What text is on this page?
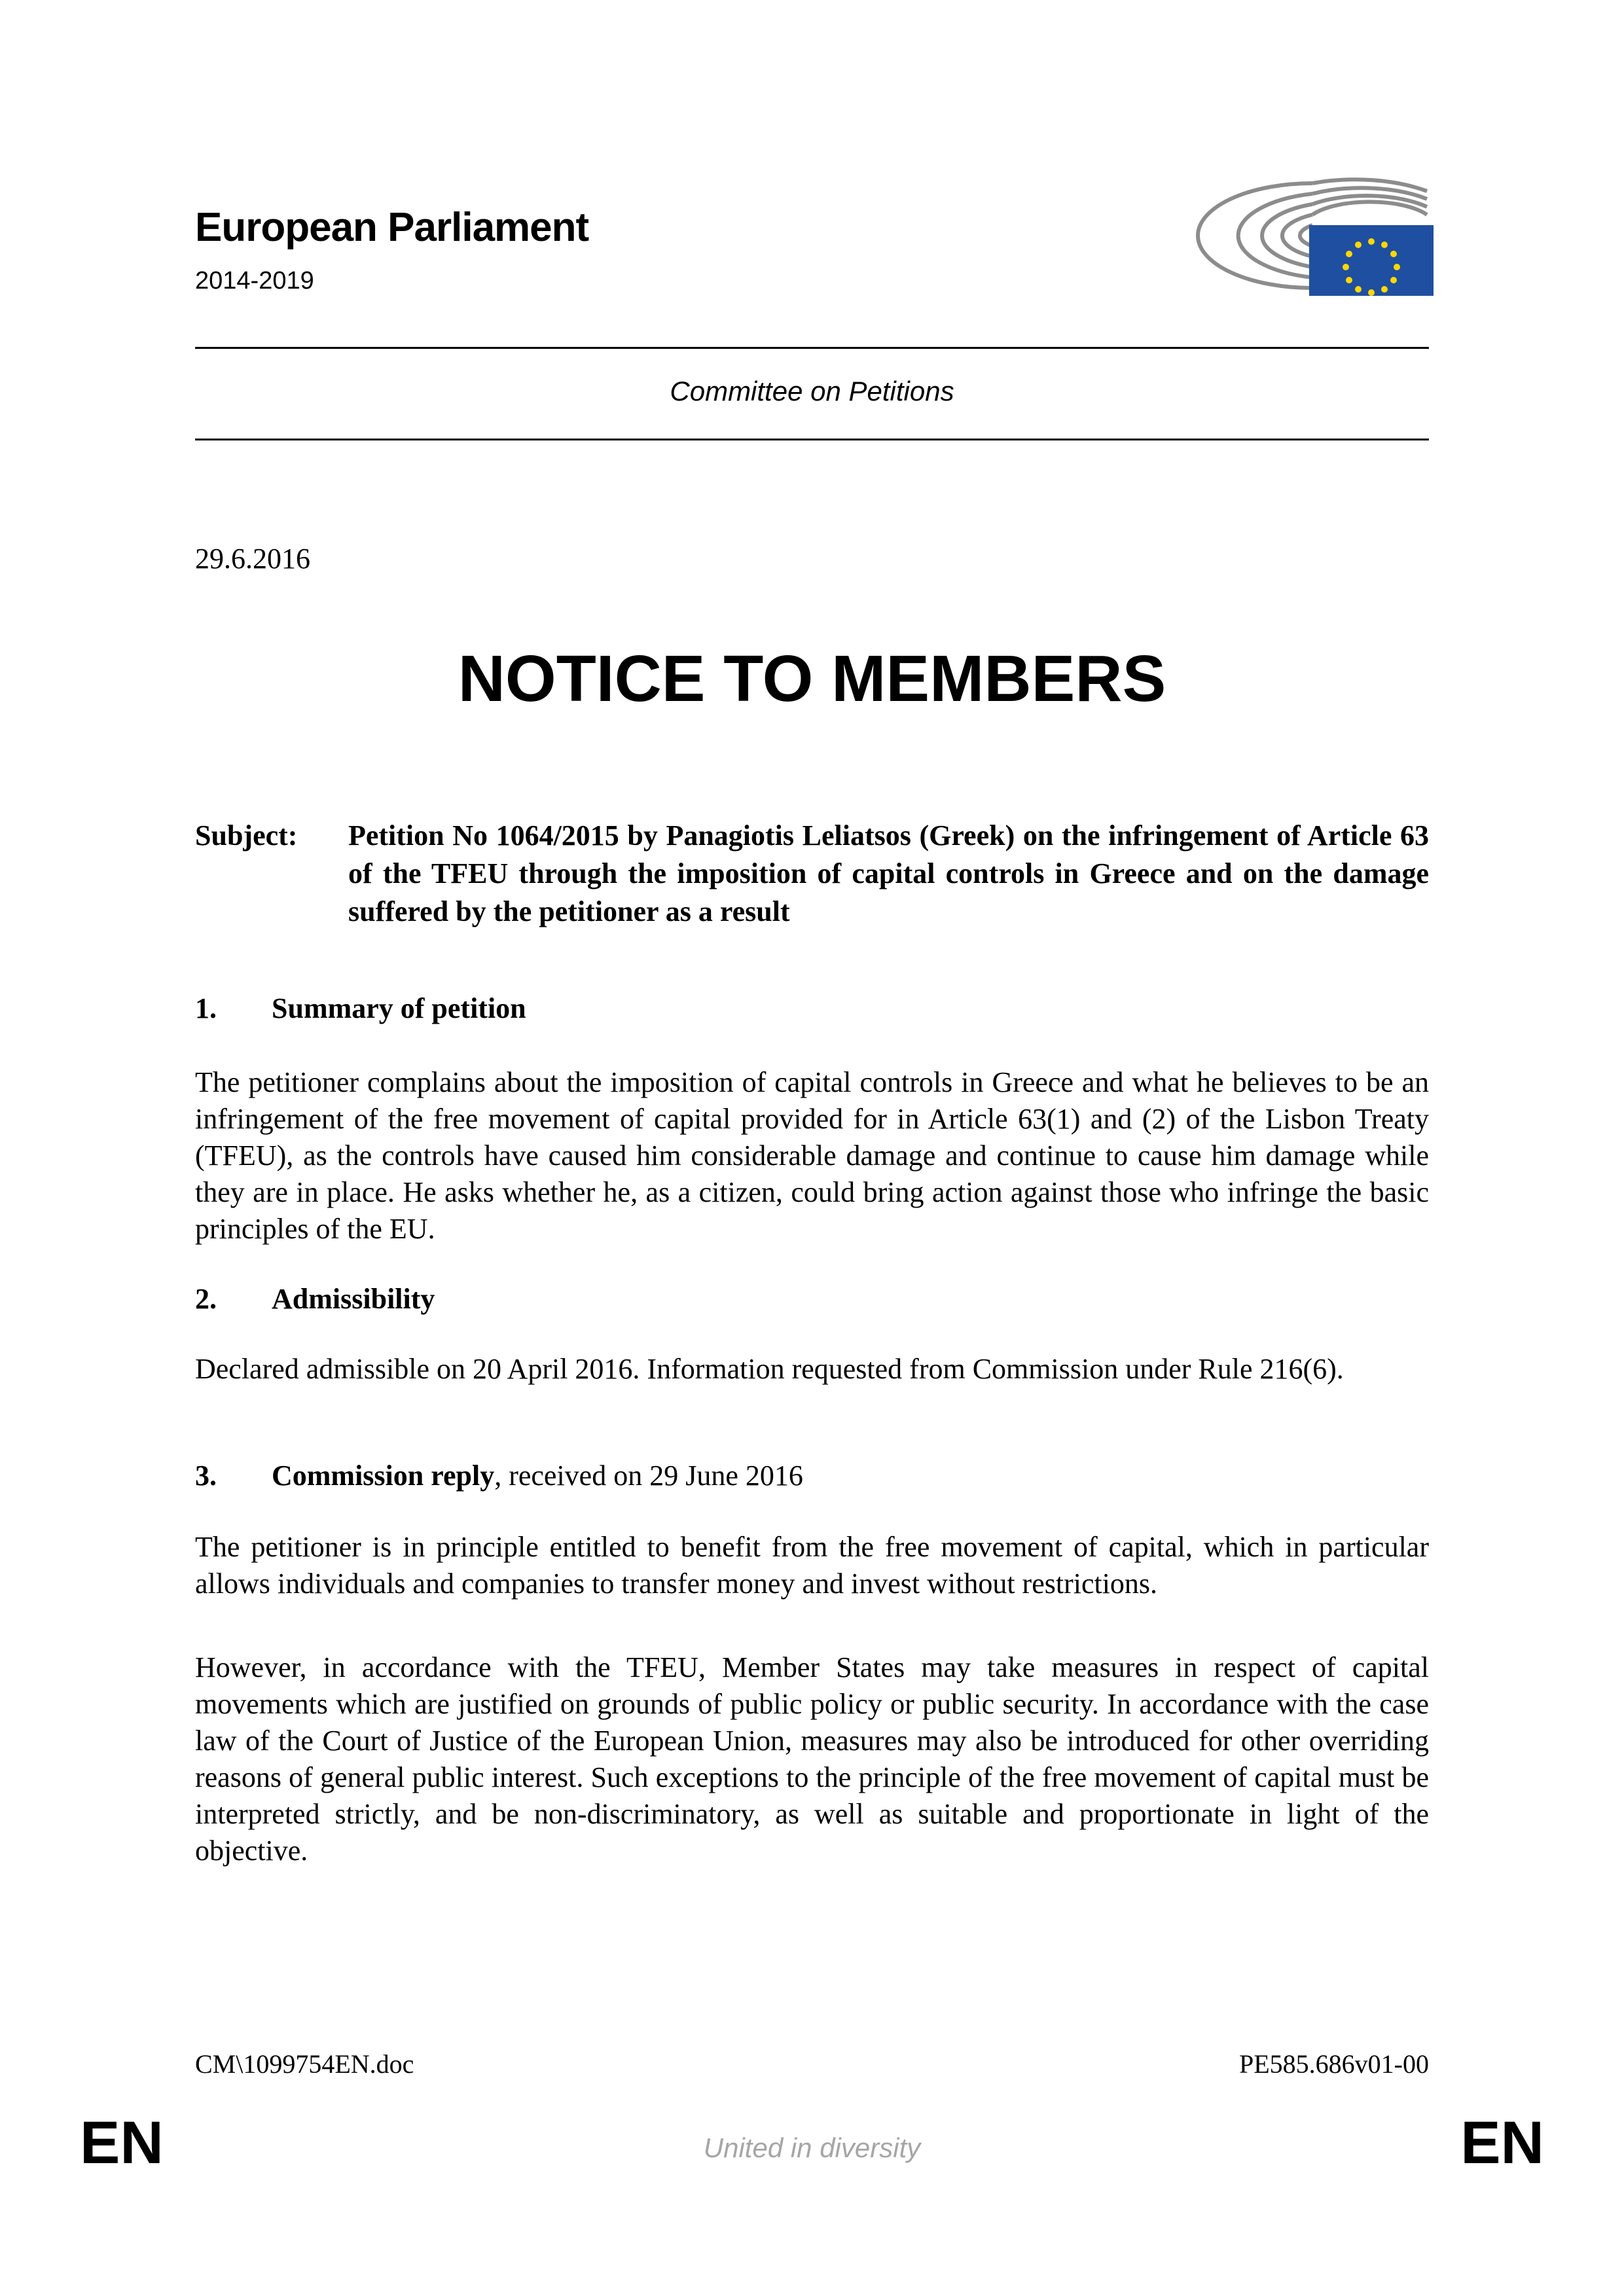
European Parliament
2014-2019
Committee on Petitions
29.6.2016
NOTICE TO MEMBERS
Subject: Petition No 1064/2015 by Panagiotis Leliatsos (Greek) on the infringement of Article 63 of the TFEU through the imposition of capital controls in Greece and on the damage suffered by the petitioner as a result
1. Summary of petition
The petitioner complains about the imposition of capital controls in Greece and what he believes to be an infringement of the free movement of capital provided for in Article 63(1) and (2) of the Lisbon Treaty (TFEU), as the controls have caused him considerable damage and continue to cause him damage while they are in place. He asks whether he, as a citizen, could bring action against those who infringe the basic principles of the EU.
2. Admissibility
Declared admissible on 20 April 2016. Information requested from Commission under Rule 216(6).
3. Commission reply, received on 29 June 2016
The petitioner is in principle entitled to benefit from the free movement of capital, which in particular allows individuals and companies to transfer money and invest without restrictions.
However, in accordance with the TFEU, Member States may take measures in respect of capital movements which are justified on grounds of public policy or public security. In accordance with the case law of the Court of Justice of the European Union, measures may also be introduced for other overriding reasons of general public interest. Such exceptions to the principle of the free movement of capital must be interpreted strictly, and be non-discriminatory, as well as suitable and proportionate in light of the objective.
CM\1099754EN.doc	PE585.686v01-00
EN	United in diversity	EN
